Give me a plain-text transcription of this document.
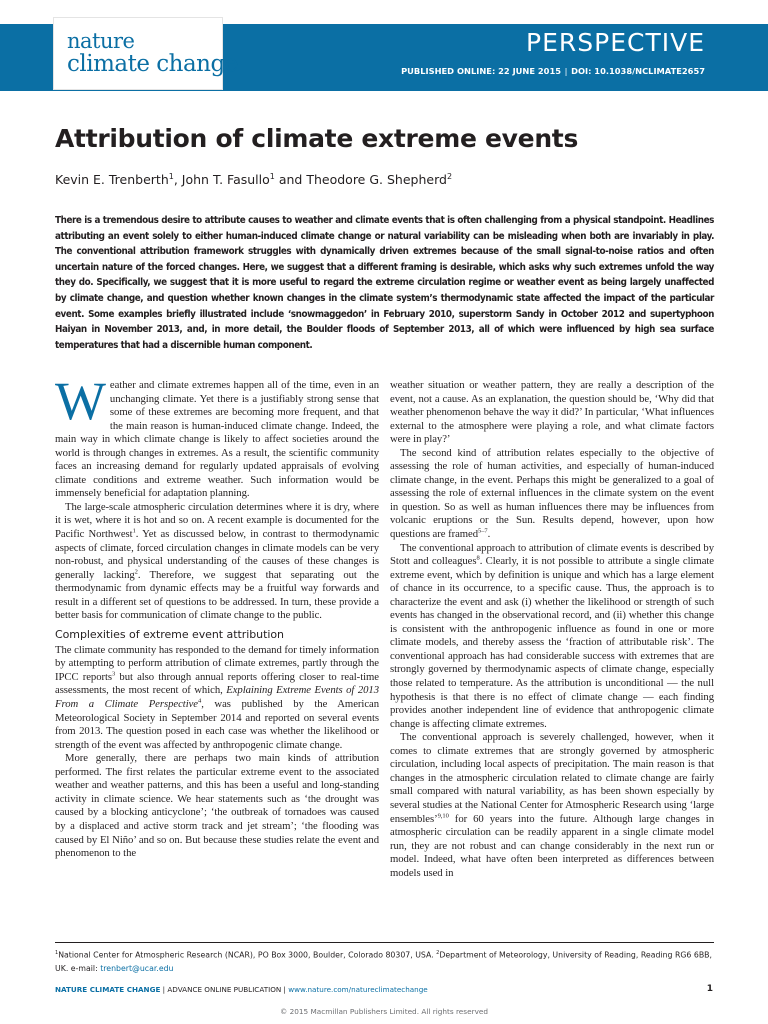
PERSPECTIVE
PUBLISHED ONLINE: 22 JUNE 2015 | DOI: 10.1038/NCLIMATE2657
nature
climate change
Attribution of climate extreme events
Kevin E. Trenberth$^1$, John T. Fasullo$^1$ and Theodore G. Shepherd$^2$

There is a tremendous desire to attribute causes to weather and climate events that is often challenging from a physical standpoint. Headlines attributing an event solely to either human-induced climate change or natural variability can be misleading when both are invariably in play. The conventional attribution framework struggles with dynamically driven extremes because of the small signal-to-noise ratios and often uncertain nature of the forced changes. Here, we suggest that a different framing is desirable, which asks why such extremes unfold the way they do. Specifically, we suggest that it is more useful to regard the extreme circulation regime or weather event as being largely unaffected by climate change, and question whether known changes in the climate system’s thermodynamic state affected the impact of the particular event. Some examples briefly illustrated include ‘snowmaggedon’ in February 2010, superstorm Sandy in October 2012 and supertyphoon Haiyan in November 2013, and, in more detail, the Boulder floods of September 2013, all of which were influenced by high sea surface temperatures that had a discernible human component.

Weather and climate extremes happen all of the time, even in an unchanging climate. Yet there is a justifiably strong sense that some of these extremes are becoming more frequent, and that the main reason is human-induced climate change. Indeed, the main way in which climate change is likely to affect societies around the world is through changes in extremes. As a result, the scientific community faces an increasing demand for regularly updated appraisals of evolving climate conditions and extreme weather. Such information would be immensely beneficial for adaptation planning.

The large-scale atmospheric circulation determines where it is dry, where it is wet, where it is hot and so on. A recent example is documented for the Pacific Northwest$^1$. Yet as discussed below, in contrast to thermodynamic aspects of climate, forced circulation changes in climate models can be very non-robust, and physical understanding of the causes of these changes is generally lacking$^2$. Therefore, we suggest that separating out the thermodynamic from dynamic effects may be a fruitful way forwards and result in a different set of questions to be addressed. In turn, these provide a better basis for communication of climate change to the public.

Complexities of extreme event attribution

The climate community has responded to the demand for timely information by attempting to perform attribution of climate extremes, partly through the IPCC reports$^3$ but also through annual reports offering closer to real-time assessments, the most recent of which, Explaining Extreme Events of 2013 From a Climate Perspective$^4$, was published by the American Meteorological Society in September 2014 and reported on several events from 2013. The question posed in each case was whether the likelihood or strength of the event was affected by anthropogenic climate change.

More generally, there are perhaps two main kinds of attribution performed. The first relates the particular extreme event to the associated weather and weather patterns, and this has been a useful and long-standing activity in climate science. We hear statements such as ‘the drought was caused by a blocking anticyclone’; ‘the outbreak of tornadoes was caused by a displaced and active storm track and jet stream’; ‘the flooding was caused by El Niño’ and so on. But because these studies relate the event and phenomenon to the

weather situation or weather pattern, they are really a description of the event, not a cause. As an explanation, the question should be, ‘Why did that weather phenomenon behave the way it did?’ In particular, ‘What influences external to the atmosphere were playing a role, and what climate factors were in play?’

The second kind of attribution relates especially to the objective of assessing the role of human activities, and especially of human-induced climate change, in the event. Perhaps this might be generalized to a goal of assessing the role of external influences in the climate system on the event in question. So as well as human influences there may be influences from volcanic eruptions or the Sun. Results depend, however, upon how questions are framed$^{5-7}$.

The conventional approach to attribution of climate events is described by Stott and colleagues$^8$. Clearly, it is not possible to attribute a single climate extreme event, which by definition is unique and which has a large element of chance in its occurrence, to a specific cause. Thus, the approach is to characterize the event and ask (i) whether the likelihood or strength of such events has changed in the observational record, and (ii) whether this change is consistent with the anthropogenic influence as found in one or more climate models, and thereby assess the ‘fraction of attributable risk’. The conventional approach has had considerable success with extremes that are strongly governed by thermodynamic aspects of climate change, especially those related to temperature. As the attribution is unconditional — the null hypothesis is that there is no effect of climate change — each finding provides another independent line of evidence that anthropogenic climate change is affecting climate extremes.

The conventional approach is severely challenged, however, when it comes to climate extremes that are strongly governed by atmospheric circulation, including local aspects of precipitation. The main reason is that changes in the atmospheric circulation related to climate change are fairly small compared with natural variability, as has been shown especially by several studies at the National Center for Atmospheric Research using ‘large ensembles’$^{9,10}$ for 60 years into the future. Although large changes in atmospheric circulation can be readily apparent in a single climate model run, they are not robust and can change considerably in the next run or model. Indeed, what have often been interpreted as differences between models used in

$^1$National Center for Atmospheric Research (NCAR), PO Box 3000, Boulder, Colorado 80307, USA. $^2$Department of Meteorology, University of Reading, Reading RG6 6BB, UK. e-mail: trenbert@ucar.edu
NATURE CLIMATE CHANGE | ADVANCE ONLINE PUBLICATION | www.nature.com/natureclimatechange	1
© 2015 Macmillan Publishers Limited. All rights reserved
